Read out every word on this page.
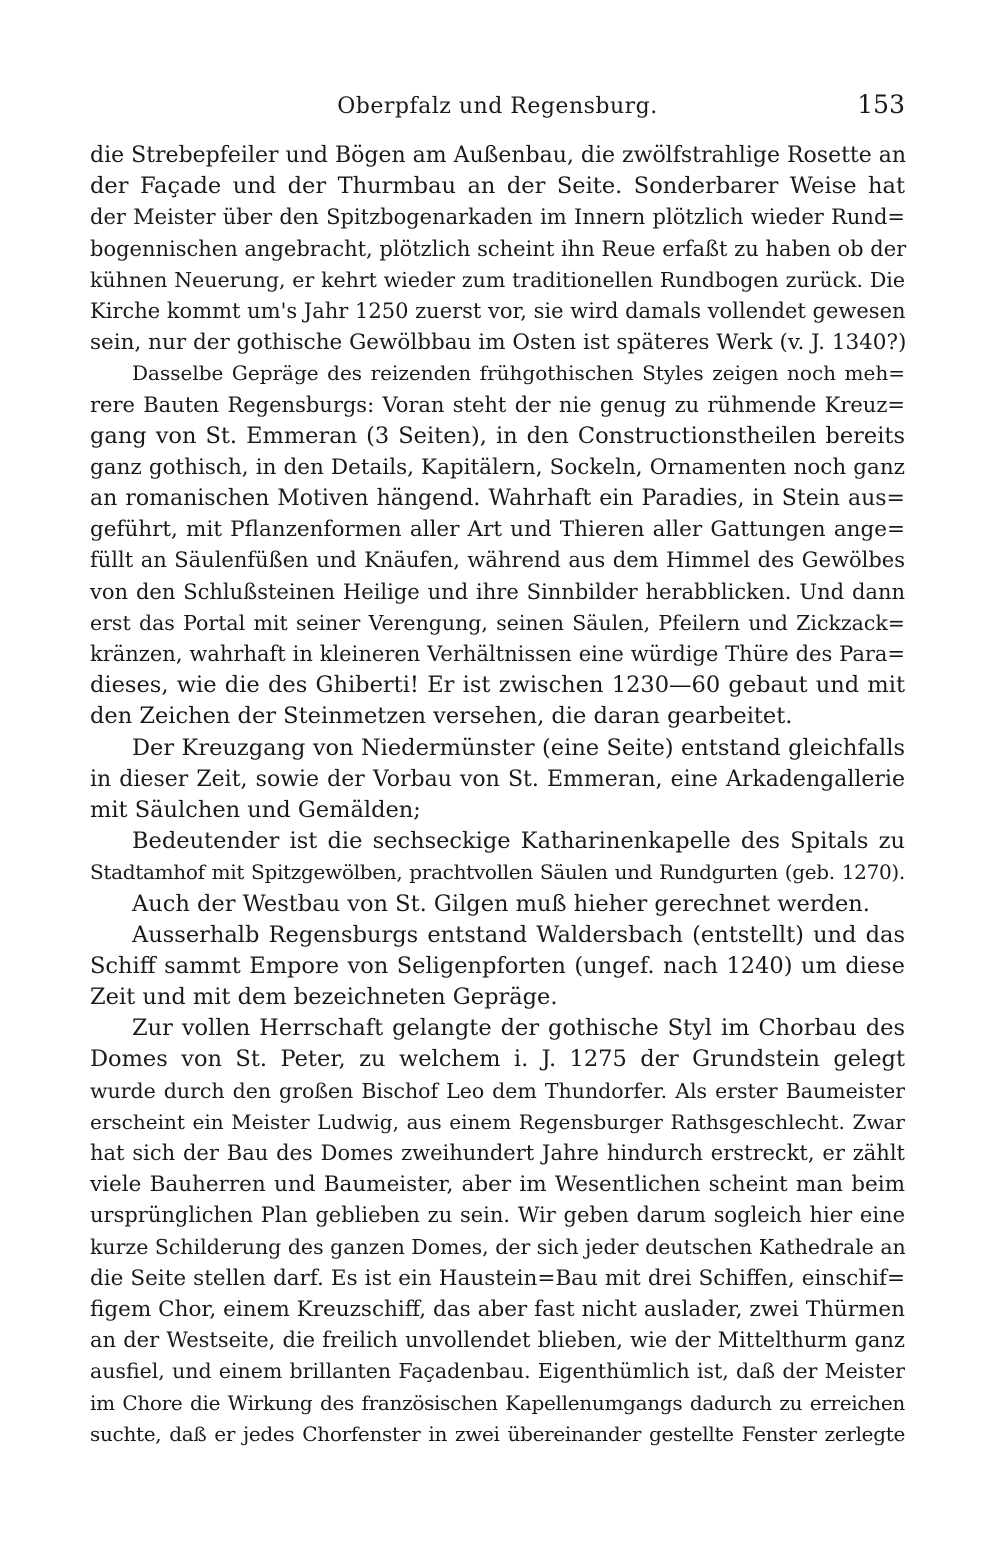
Oberpfalz und Regensburg.	153
die Strebepfeiler und Bögen am Außenbau, die zwölfstrahlige Rosette an
der Façade und der Thurmbau an der Seite. Sonderbarer Weise hat
der Meister über den Spitzbogenarkaden im Innern plötzlich wieder Rund=
bogennischen angebracht, plötzlich scheint ihn Reue erfaßt zu haben ob der
kühnen Neuerung, er kehrt wieder zum traditionellen Rundbogen zurück. Die
Kirche kommt um's Jahr 1250 zuerst vor, sie wird damals vollendet gewesen
sein, nur der gothische Gewölbbau im Osten ist späteres Werk (v. J. 1340?)
Dasselbe Gepräge des reizenden frühgothischen Styles zeigen noch meh=
rere Bauten Regensburgs: Voran steht der nie genug zu rühmende Kreuz=
gang von St. Emmeran (3 Seiten), in den Constructionstheilen bereits
ganz gothisch, in den Details, Kapitälern, Sockeln, Ornamenten noch ganz
an romanischen Motiven hängend. Wahrhaft ein Paradies, in Stein aus=
geführt, mit Pflanzenformen aller Art und Thieren aller Gattungen ange=
füllt an Säulenfüßen und Knäufen, während aus dem Himmel des Gewölbes
von den Schlußsteinen Heilige und ihre Sinnbilder herabblicken. Und dann
erst das Portal mit seiner Verengung, seinen Säulen, Pfeilern und Zickzack=
kränzen, wahrhaft in kleineren Verhältnissen eine würdige Thüre des Para=
dieses, wie die des Ghiberti! Er ist zwischen 1230—60 gebaut und mit
den Zeichen der Steinmetzen versehen, die daran gearbeitet.
Der Kreuzgang von Niedermünster (eine Seite) entstand gleichfalls
in dieser Zeit, sowie der Vorbau von St. Emmeran, eine Arkadengallerie
mit Säulchen und Gemälden;
Bedeutender ist die sechseckige Katharinenkapelle des Spitals zu
Stadtamhof mit Spitzgewölben, prachtvollen Säulen und Rundgurten (geb. 1270).
Auch der Westbau von St. Gilgen muß hieher gerechnet werden.
Ausserhalb Regensburgs entstand Waldersbach (entstellt) und das
Schiff sammt Empore von Seligenpforten (ungef. nach 1240) um diese
Zeit und mit dem bezeichneten Gepräge.
Zur vollen Herrschaft gelangte der gothische Styl im Chorbau des
Domes von St. Peter, zu welchem i. J. 1275 der Grundstein gelegt
wurde durch den großen Bischof Leo dem Thundorfer. Als erster Baumeister
erscheint ein Meister Ludwig, aus einem Regensburger Rathsgeschlecht. Zwar
hat sich der Bau des Domes zweihundert Jahre hindurch erstreckt, er zählt
viele Bauherren und Baumeister, aber im Wesentlichen scheint man beim
ursprünglichen Plan geblieben zu sein. Wir geben darum sogleich hier eine
kurze Schilderung des ganzen Domes, der sich jeder deutschen Kathedrale an
die Seite stellen darf. Es ist ein Haustein=Bau mit drei Schiffen, einschif=
figem Chor, einem Kreuzschiff, das aber fast nicht auslader, zwei Thürmen
an der Westseite, die freilich unvollendet blieben, wie der Mittelthurm ganz
ausfiel, und einem brillanten Façadenbau. Eigenthümlich ist, daß der Meister
im Chore die Wirkung des französischen Kapellenumgangs dadurch zu erreichen
suchte, daß er jedes Chorfenster in zwei übereinander gestellte Fenster zerlegte
